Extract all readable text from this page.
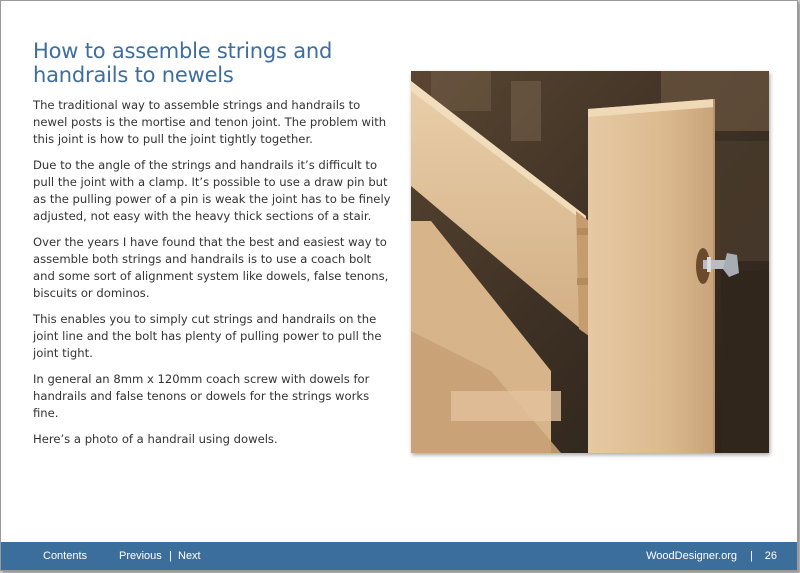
How to assemble strings and handrails to newels

The traditional way to assemble strings and handrails to newel posts is the mortise and tenon joint. The problem with this joint is how to pull the joint tightly together.

Due to the angle of the strings and handrails it’s difficult to pull the joint with a clamp. It’s possible to use a draw pin but as the pulling power of a pin is weak the joint has to be finely adjusted, not easy with the heavy thick sections of a stair.

Over the years I have found that the best and easiest way to assemble both strings and handrails is to use a coach bolt and some sort of alignment system like dowels, false tenons, biscuits or dominos.

This enables you to simply cut strings and handrails on the joint line and the bolt has plenty of pulling power to pull the joint tight.

In general an 8mm x 120mm coach screw with dowels for handrails and false tenons or dowels for the strings works fine.

Here’s a photo of a handrail using dowels.

Contents	Previous | Next	WoodDesigner.org | 26
